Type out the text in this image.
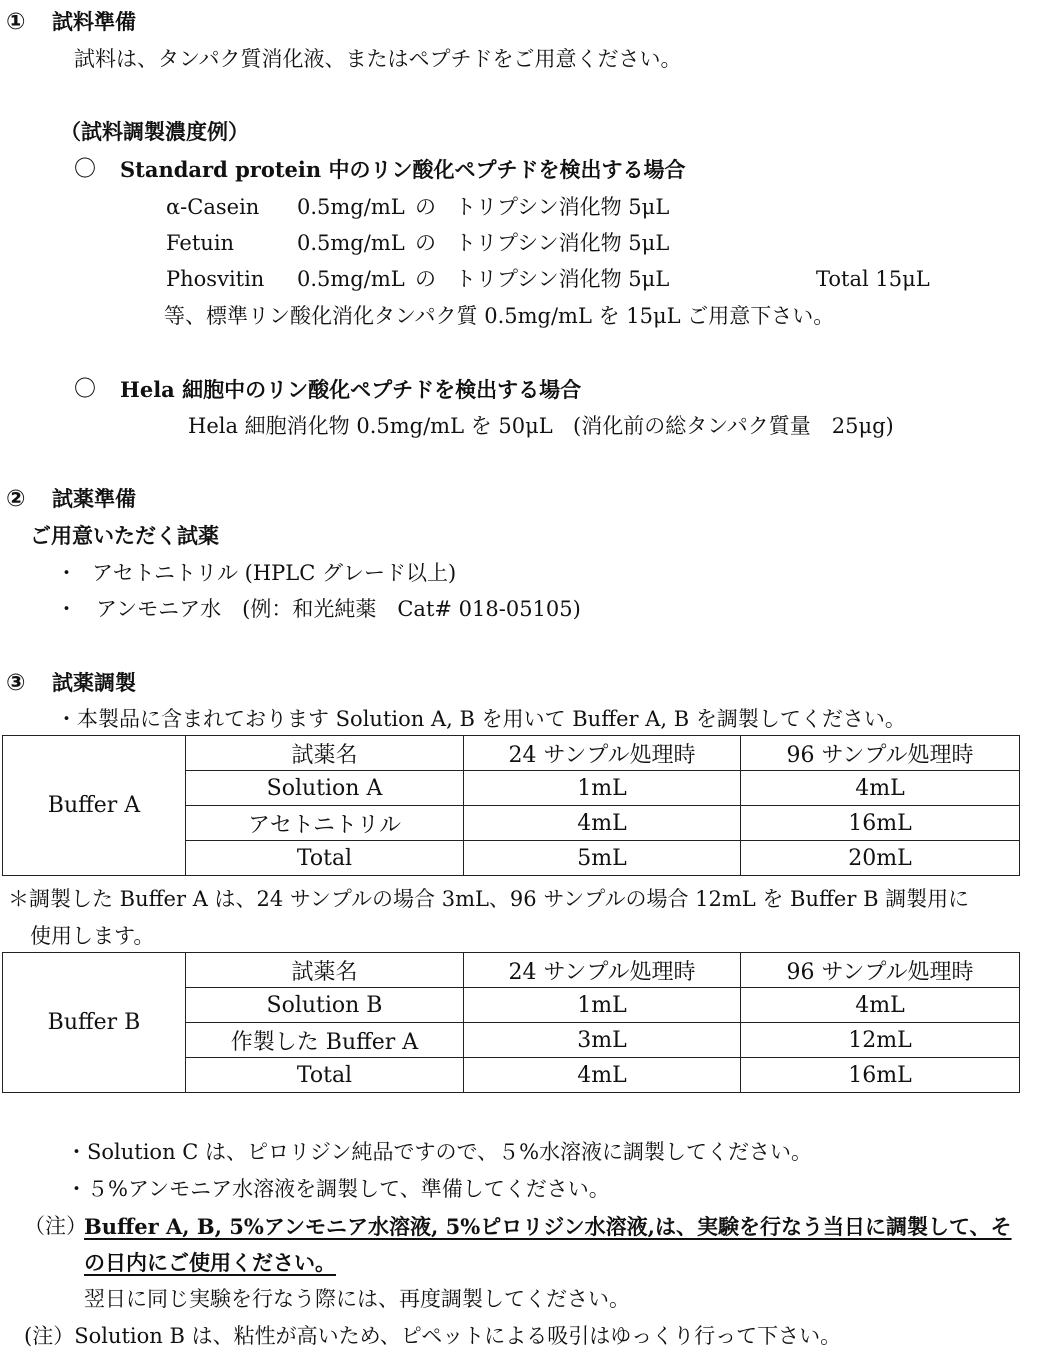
① 試料準備
試料は、タンパク質消化液、またはペプチドをご用意ください。
（試料調製濃度例）
〇 Standard protein 中のリン酸化ペプチドを検出する場合
α-Casein 0.5mg/mL の トリプシン消化物 5μL
Fetuin	0.5mg/mL の トリプシン消化物 5μL
Phosvitin 0.5mg/mL の トリプシン消化物 5μL	Total 15μL
等、標準リン酸化消化タンパク質 0.5mg/mL を 15μL ご用意下さい。
〇 Hela 細胞中のリン酸化ペプチドを検出する場合
Hela 細胞消化物 0.5mg/mL を 50μL (消化前の総タンパク質量　25μg)
② 試薬準備
ご用意いただく試薬
・ アセトニトリル (HPLC グレード以上)
・ アンモニア水　(例：和光純薬　Cat# 018-05105)
③ 試薬調製
・本製品に含まれております Solution A, B を用いて Buffer A, B を調製してください。
Buffer A	試薬名	24 サンプル処理時	96 サンプル処理時
	Solution A	1mL	4mL
	アセトニトリル	4mL	16mL
	Total	5mL	20mL
＊調製した Buffer A は、24 サンプルの場合 3mL、96 サンプルの場合 12mL を Buffer B 調製用に
使用します。
Buffer B	試薬名	24 サンプル処理時	96 サンプル処理時
	Solution B	1mL	4mL
	作製した Buffer A	3mL	12mL
	Total	4mL	16mL
・Solution C は、ピロリジン純品ですので、５%水溶液に調製してください。
・５%アンモニア水溶液を調製して、準備してください。
（注）
Buffer A, B, 5%アンモニア水溶液, 5%ピロリジン水溶液,は、実験を行なう当日に調製して、そ
の日内にご使用ください。
翌日に同じ実験を行なう際には、再度調製してください。
(注）Solution B は、粘性が高いため、ピペットによる吸引はゆっくり行って下さい。
